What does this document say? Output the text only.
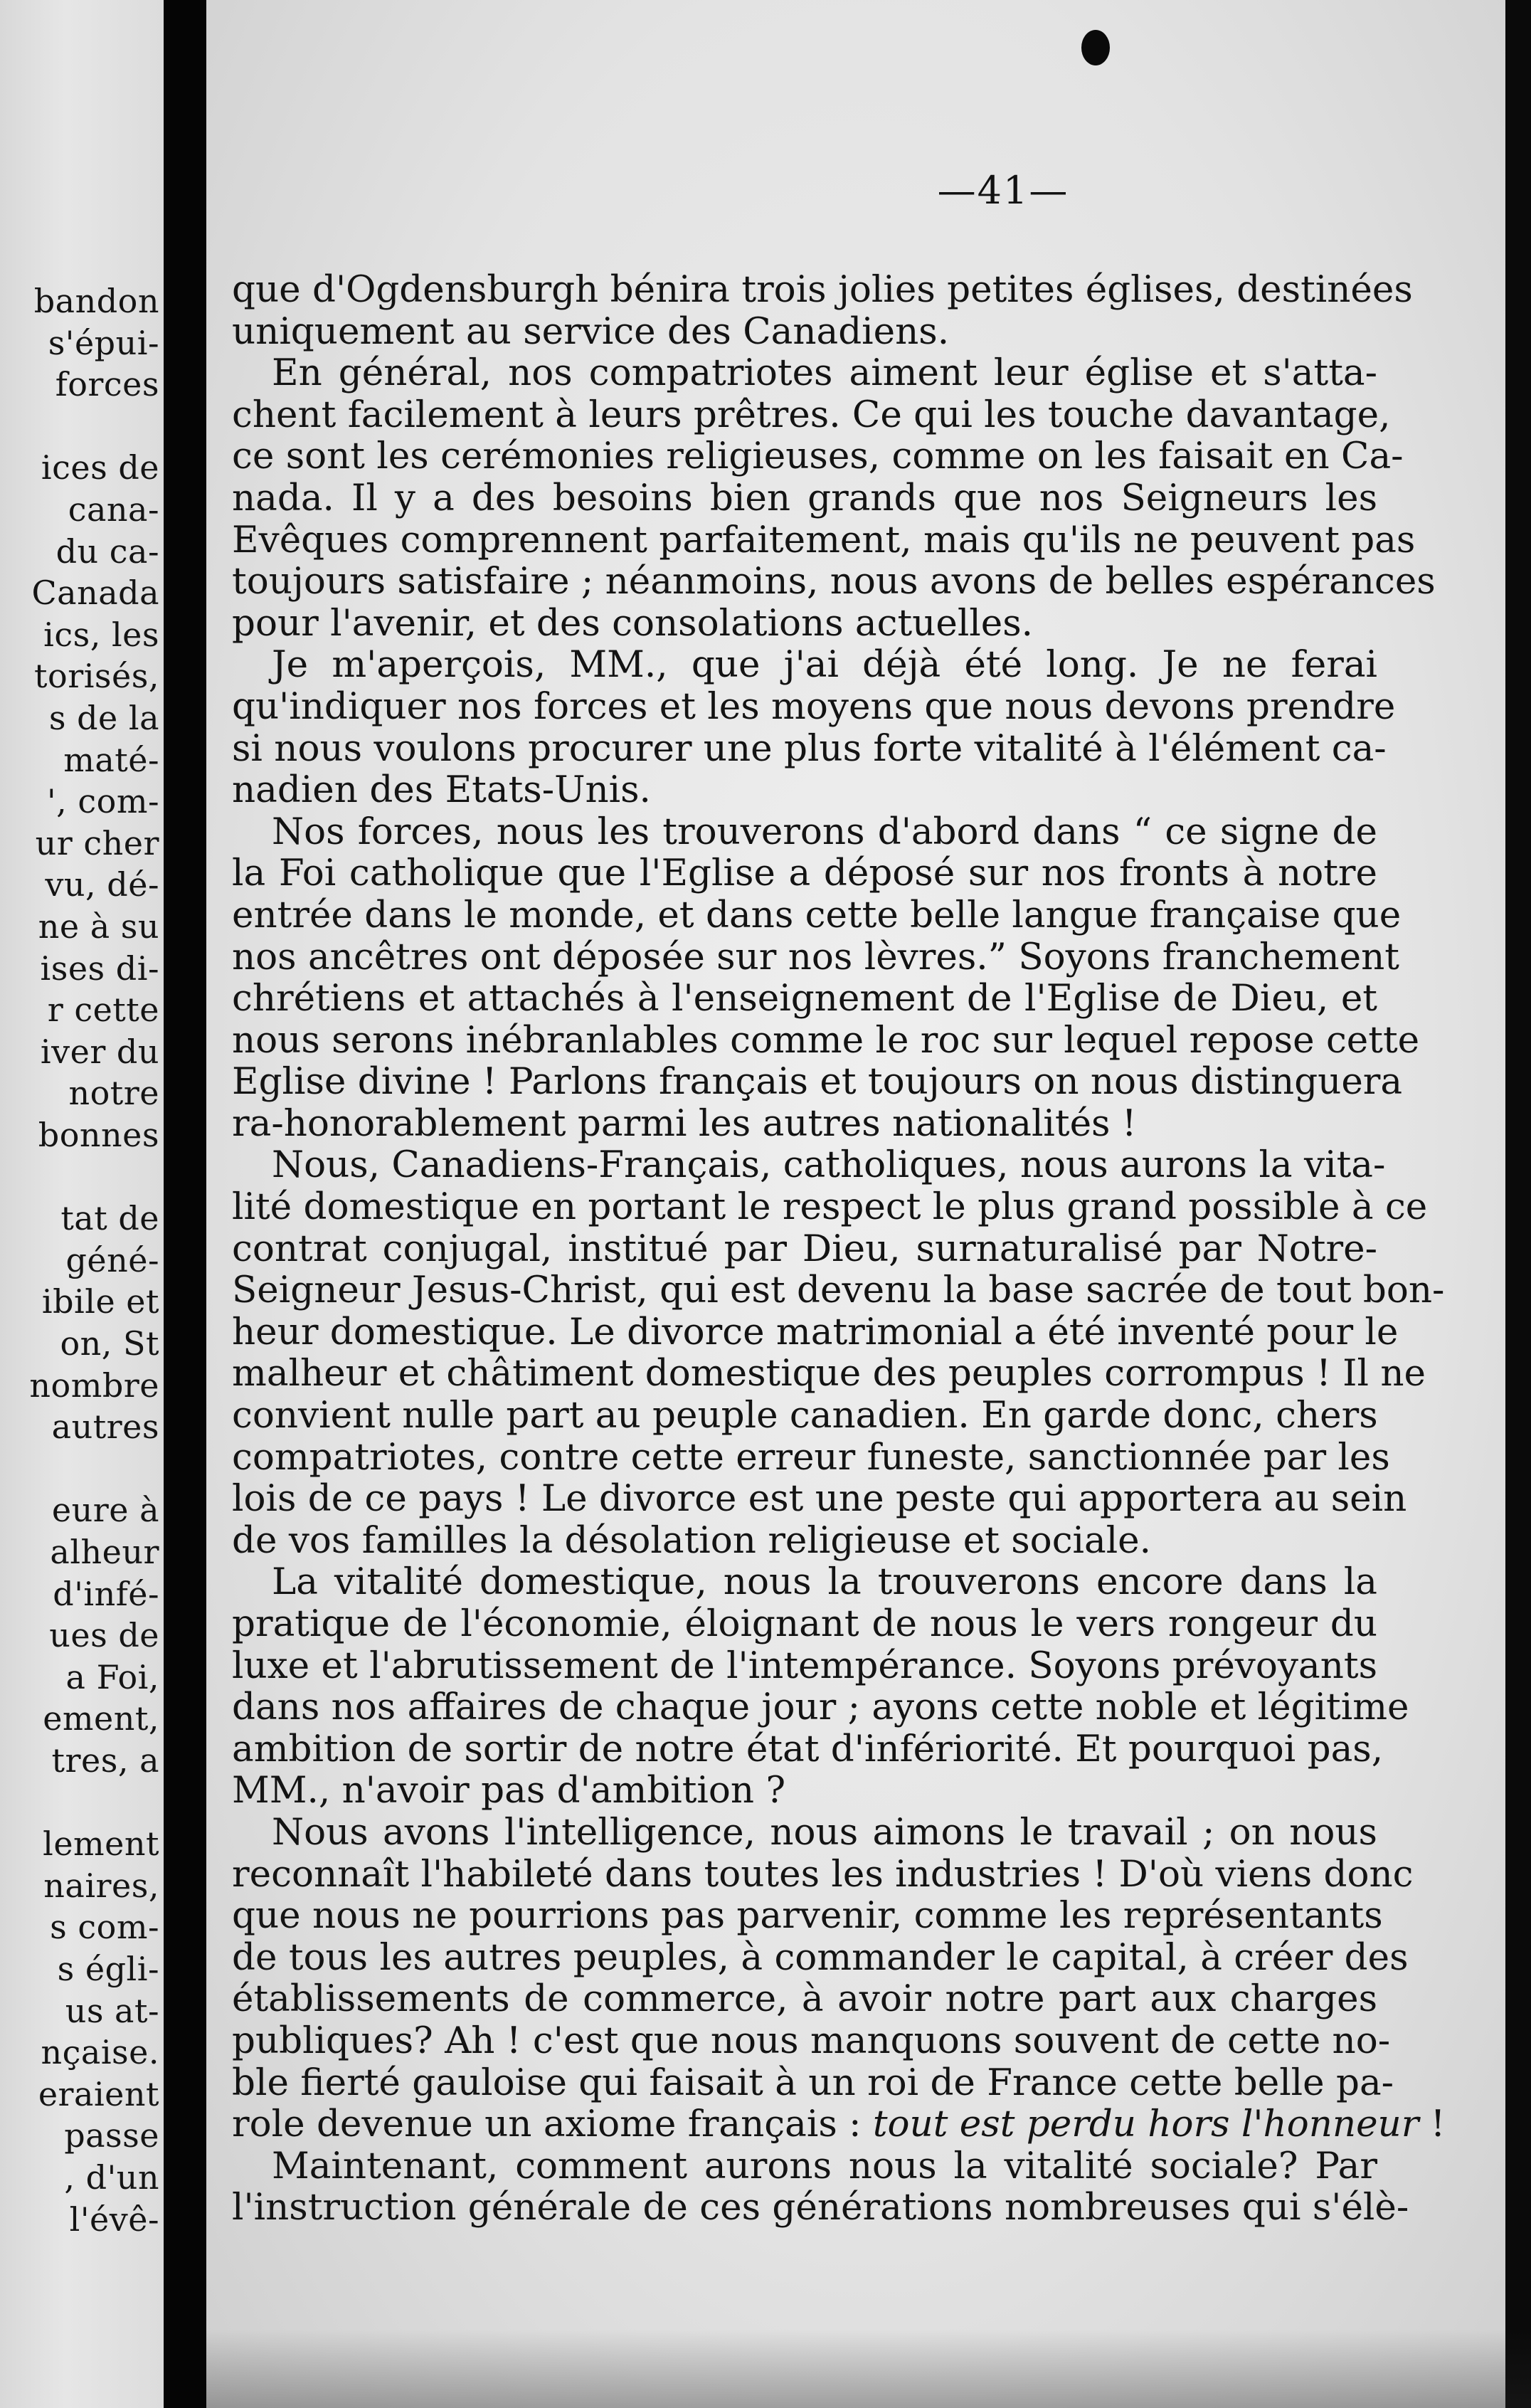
bandon
s'épui-
forces
ices de
cana-
du ca-
Canada
ics, les
torisés,
s de la
maté-
', com-
ur cher
vu, dé-
ne à su
ises di-
r cette
iver du
notre
bonnes
tat de
géné-
ibile et
on, St
nombre
autres
eure à
alheur
d'infé-
ues de
a Foi,
ement,
tres, a
lement
naires,
s com-
s égli-
us at-
nçaise.
eraient
passe
, d'un
l'évê-
—41—
que d'Ogdensburgh bénira trois jolies petites églises, destinées
uniquement au service des Canadiens.
En général, nos compatriotes aiment leur église et s'atta-
chent facilement à leurs prêtres. Ce qui les touche davantage,
ce sont les cerémonies religieuses, comme on les faisait en Ca-
nada. Il y a des besoins bien grands que nos Seigneurs les
Evêques comprennent parfaitement, mais qu'ils ne peuvent pas
toujours satisfaire ; néanmoins, nous avons de belles espérances
pour l'avenir, et des consolations actuelles.
Je m'aperçois, MM., que j'ai déjà été long. Je ne ferai
qu'indiquer nos forces et les moyens que nous devons prendre
si nous voulons procurer une plus forte vitalité à l'élément ca-
nadien des Etats-Unis.
Nos forces, nous les trouverons d'abord dans “ ce signe de
la Foi catholique que l'Eglise a déposé sur nos fronts à notre
entrée dans le monde, et dans cette belle langue française que
nos ancêtres ont déposée sur nos lèvres.” Soyons franchement
chrétiens et attachés à l'enseignement de l'Eglise de Dieu, et
nous serons inébranlables comme le roc sur lequel repose cette
Eglise divine ! Parlons français et toujours on nous distinguera
ra-honorablement parmi les autres nationalités !
Nous, Canadiens-Français, catholiques, nous aurons la vita-
lité domestique en portant le respect le plus grand possible à ce
contrat conjugal, institué par Dieu, surnaturalisé par Notre-
Seigneur Jesus-Christ, qui est devenu la base sacrée de tout bon-
heur domestique. Le divorce matrimonial a été inventé pour le
malheur et châtiment domestique des peuples corrompus ! Il ne
convient nulle part au peuple canadien. En garde donc, chers
compatriotes, contre cette erreur funeste, sanctionnée par les
lois de ce pays ! Le divorce est une peste qui apportera au sein
de vos familles la désolation religieuse et sociale.
La vitalité domestique, nous la trouverons encore dans la
pratique de l'économie, éloignant de nous le vers rongeur du
luxe et l'abrutissement de l'intempérance. Soyons prévoyants
dans nos affaires de chaque jour ; ayons cette noble et légitime
ambition de sortir de notre état d'infériorité. Et pourquoi pas,
MM., n'avoir pas d'ambition ?
Nous avons l'intelligence, nous aimons le travail ; on nous
reconnaît l'habileté dans toutes les industries ! D'où viens donc
que nous ne pourrions pas parvenir, comme les représentants
de tous les autres peuples, à commander le capital, à créer des
établissements de commerce, à avoir notre part aux charges
publiques? Ah ! c'est que nous manquons souvent de cette no-
ble fierté gauloise qui faisait à un roi de France cette belle pa-
role devenue un axiome français : tout est perdu hors l'honneur !
Maintenant, comment aurons nous la vitalité sociale? Par
l'instruction générale de ces générations nombreuses qui s'élè-
